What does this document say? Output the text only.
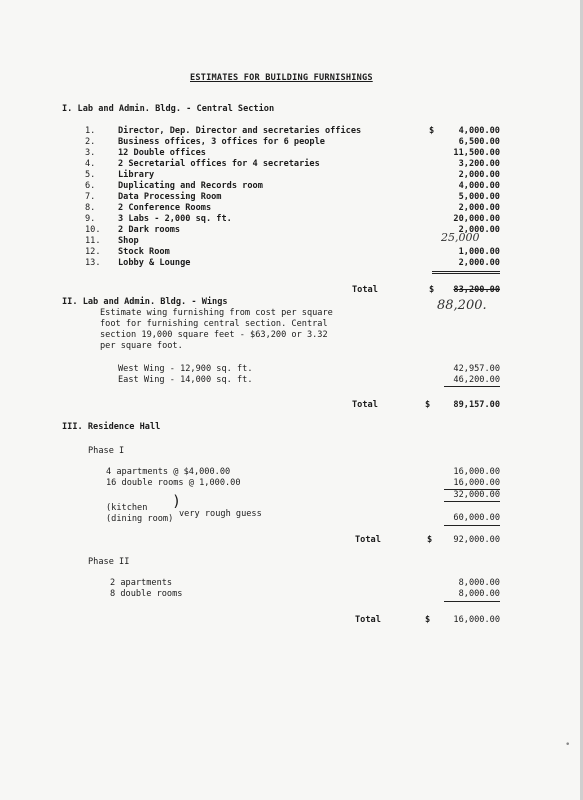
ESTIMATES FOR BUILDING FURNISHINGS
I. Lab and Admin. Bldg. - Central Section
$
1.	Director, Dep. Director and secretaries offices	4,000.00
2.	Business offices, 3 offices for 6 people	6,500.00
3.	12 Double offices	11,500.00
4.	2 Secretarial offices for 4 secretaries	3,200.00
5.	Library	2,000.00
6.	Duplicating and Records room	4,000.00
7.	Data Processing Room	5,000.00
8.	2 Conference Rooms	2,000.00
9.	3 Labs - 2,000 sq. ft.	20,000.00
10. 2 Dark rooms	2,000.00
11. Shop	25,000
12. Stock Room	1,000.00
13. Lobby & Lounge	2,000.00
Total	$	83,200.00
88,200.
II. Lab and Admin. Bldg. - Wings
Estimate wing furnishing from cost per square
foot for furnishing central section. Central
section 19,000 square feet - $63,200 or 3.32
per square foot.
West Wing - 12,900 sq. ft.	42,957.00
East Wing - 14,000 sq. ft.	46,200.00
Total	$	89,157.00
III. Residence Hall
Phase I
4 apartments @ $4,000.00	16,000.00
16 double rooms @ 1,000.00	16,000.00
32,000.00
(kitchen
(dining room)
)
very rough guess	60,000.00
Total	$	92,000.00
Phase II
2 apartments	8,000.00
8 double rooms	8,000.00
Total	$	16,000.00
•
